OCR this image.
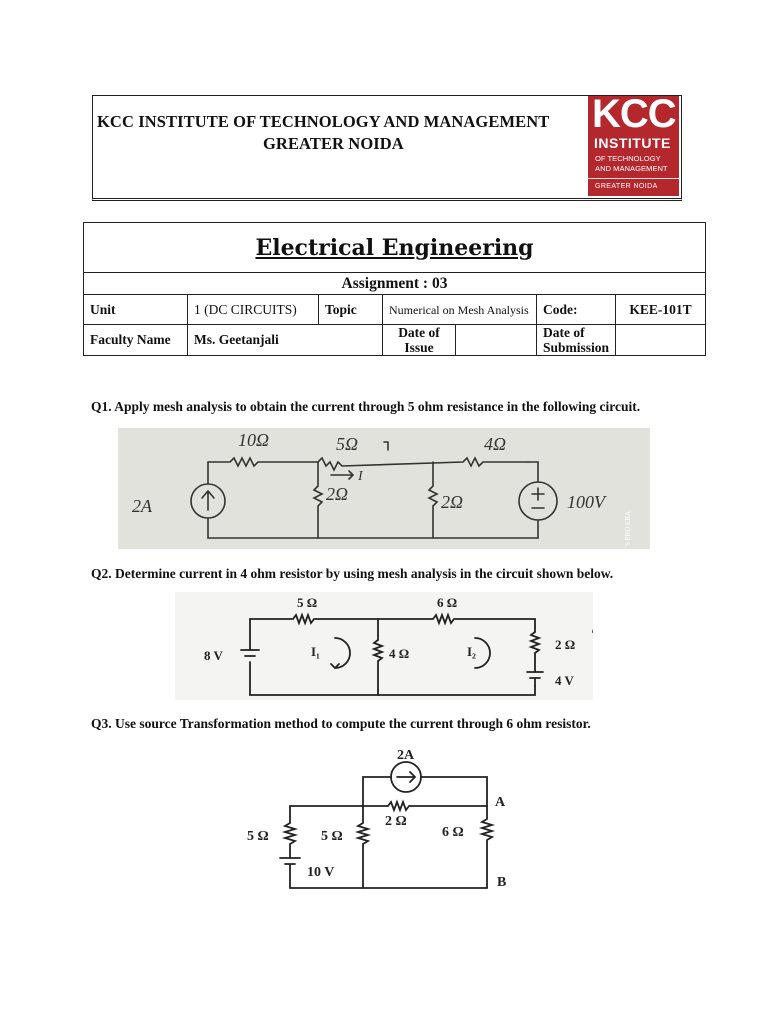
KCC INSTITUTE OF TECHNOLOGY AND MANAGEMENT
GREATER NOIDA
KCC
INSTITUTE
OF TECHNOLOGY
AND MANAGEMENT
GREATER NOIDA
Electrical Engineering						
Assignment : 03						
Unit	1 (DC CIRCUITS)	Topic	Numerical on Mesh Analysis		Code:	KEE-101T
Faculty Name	Ms. Geetanjali		Date of Issue		Date of Submission	
Q1. Apply mesh analysis to obtain the current through 5 ohm resistance in the following circuit.
10Ω	5Ω	4Ω
2Ω	2Ω
2A	100V
I
S PRO ERA
Q2. Determine current in 4 ohm resistor by using mesh analysis in the circuit shown below.
5 Ω	6 Ω
4 Ω
2 Ω
8 V
4 V
I₁	I₂
Q3. Use source Transformation method to compute the current through 6 ohm resistor.
2A
2 Ω
5 Ω	5 Ω	6 Ω
10 V
A
B
